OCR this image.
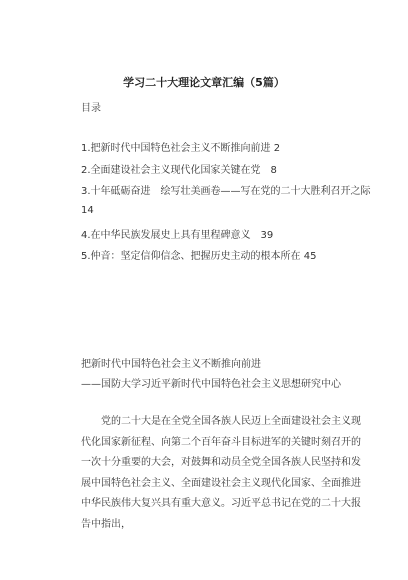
学习二十大理论文章汇编（5篇）
目录
1.把新时代中国特色社会主义不断推向前进 2
2.全面建设社会主义现代化国家关键在党　8
3.十年砥砺奋进　绘写壮美画卷——写在党的二十大胜利召开之际　14
4.在中华民族发展史上具有里程碑意义　39
5.仲音：坚定信仰信念、把握历史主动的根本所在 45
把新时代中国特色社会主义不断推向前进
——国防大学习近平新时代中国特色社会主义思想研究中心
党的二十大是在全党全国各族人民迈上全面建设社会主义现代化国家新征程、向第二个百年奋斗目标进军的关键时刻召开的一次十分重要的大会，对鼓舞和动员全党全国各族人民坚持和发展中国特色社会主义、全面建设社会主义现代化国家、全面推进中华民族伟大复兴具有重大意义。习近平总书记在党的二十大报告中指出，
